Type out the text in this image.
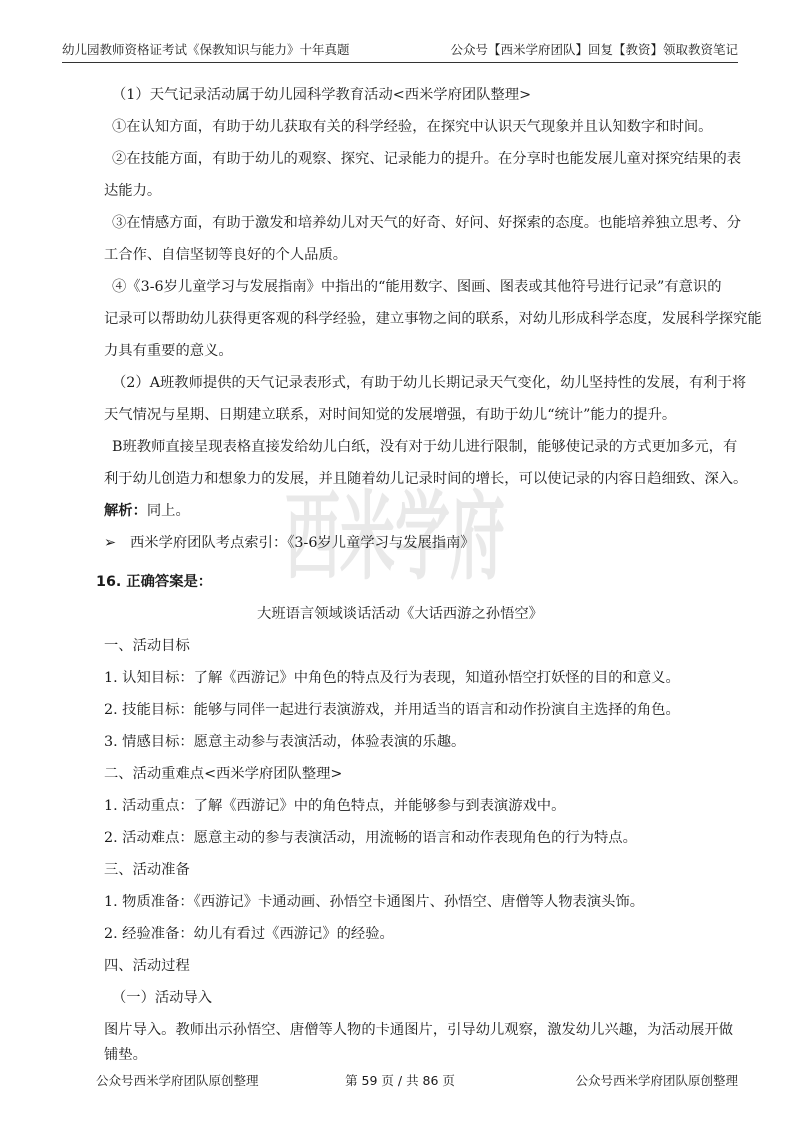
幼儿园教师资格证考试《保教知识与能力》十年真题	公众号【西米学府团队】回复【教资】领取教资笔记
西米学府
（1）天气记录活动属于幼儿园科学教育活动<西米学府团队整理>
①在认知方面，有助于幼儿获取有关的科学经验，在探究中认识天气现象并且认知数字和时间。
②在技能方面，有助于幼儿的观察、探究、记录能力的提升。在分享时也能发展儿童对探究结果的表
达能力。
③在情感方面，有助于激发和培养幼儿对天气的好奇、好问、好探索的态度。也能培养独立思考、分
工合作、自信坚韧等良好的个人品质。
④《3-6岁儿童学习与发展指南》中指出的“能用数字、图画、图表或其他符号进行记录”有意识的
记录可以帮助幼儿获得更客观的科学经验，建立事物之间的联系，对幼儿形成科学态度，发展科学探究能
力具有重要的意义。
（2）A班教师提供的天气记录表形式，有助于幼儿长期记录天气变化，幼儿坚持性的发展，有利于将
天气情况与星期、日期建立联系，对时间知觉的发展增强，有助于幼儿“统计”能力的提升。
B班教师直接呈现表格直接发给幼儿白纸，没有对于幼儿进行限制，能够使记录的方式更加多元，有
利于幼儿创造力和想象力的发展，并且随着幼儿记录时间的增长，可以使记录的内容日趋细致、深入。
解析：同上。
➢ 西米学府团队考点索引：《3-6岁儿童学习与发展指南》
16. 正确答案是：
大班语言领域谈话活动《大话西游之孙悟空》
一、活动目标
1. 认知目标：了解《西游记》中角色的特点及行为表现，知道孙悟空打妖怪的目的和意义。
2. 技能目标：能够与同伴一起进行表演游戏，并用适当的语言和动作扮演自主选择的角色。
3. 情感目标：愿意主动参与表演活动，体验表演的乐趣。
二、活动重难点<西米学府团队整理>
1. 活动重点：了解《西游记》中的角色特点，并能够参与到表演游戏中。
2. 活动难点：愿意主动的参与表演活动，用流畅的语言和动作表现角色的行为特点。
三、活动准备
1. 物质准备：《西游记》卡通动画、孙悟空卡通图片、孙悟空、唐僧等人物表演头饰。
2. 经验准备：幼儿有看过《西游记》的经验。
四、活动过程
（一）活动导入
图片导入。教师出示孙悟空、唐僧等人物的卡通图片，引导幼儿观察，激发幼儿兴趣，为活动展开做
铺垫。
公众号西米学府团队原创整理	第 59 页 / 共 86 页	公众号西米学府团队原创整理
